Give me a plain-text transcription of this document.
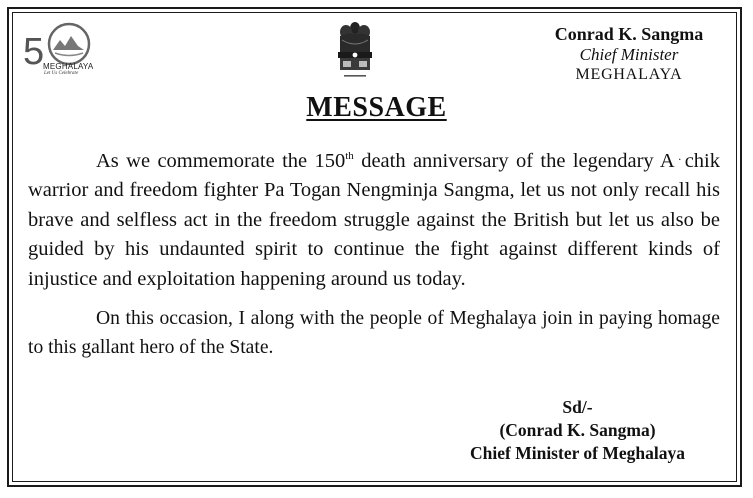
5
MEGHALAYA
Let Us Celebrate
Conrad K. Sangma
Chief Minister
MEGHALAYA
MESSAGE

As we commemorate the 150th death anniversary of the legendary A · chik warrior and freedom fighter Pa Togan Nengminja Sangma, let us not only recall his brave and selfless act in the freedom struggle against the British but let us also be guided by his undaunted spirit to continue the fight against different kinds of injustice and exploitation happening around us today.

On this occasion, I along with the people of Meghalaya join in paying homage to this gallant hero of the State.

Sd/-
(Conrad K. Sangma)
Chief Minister of Meghalaya
